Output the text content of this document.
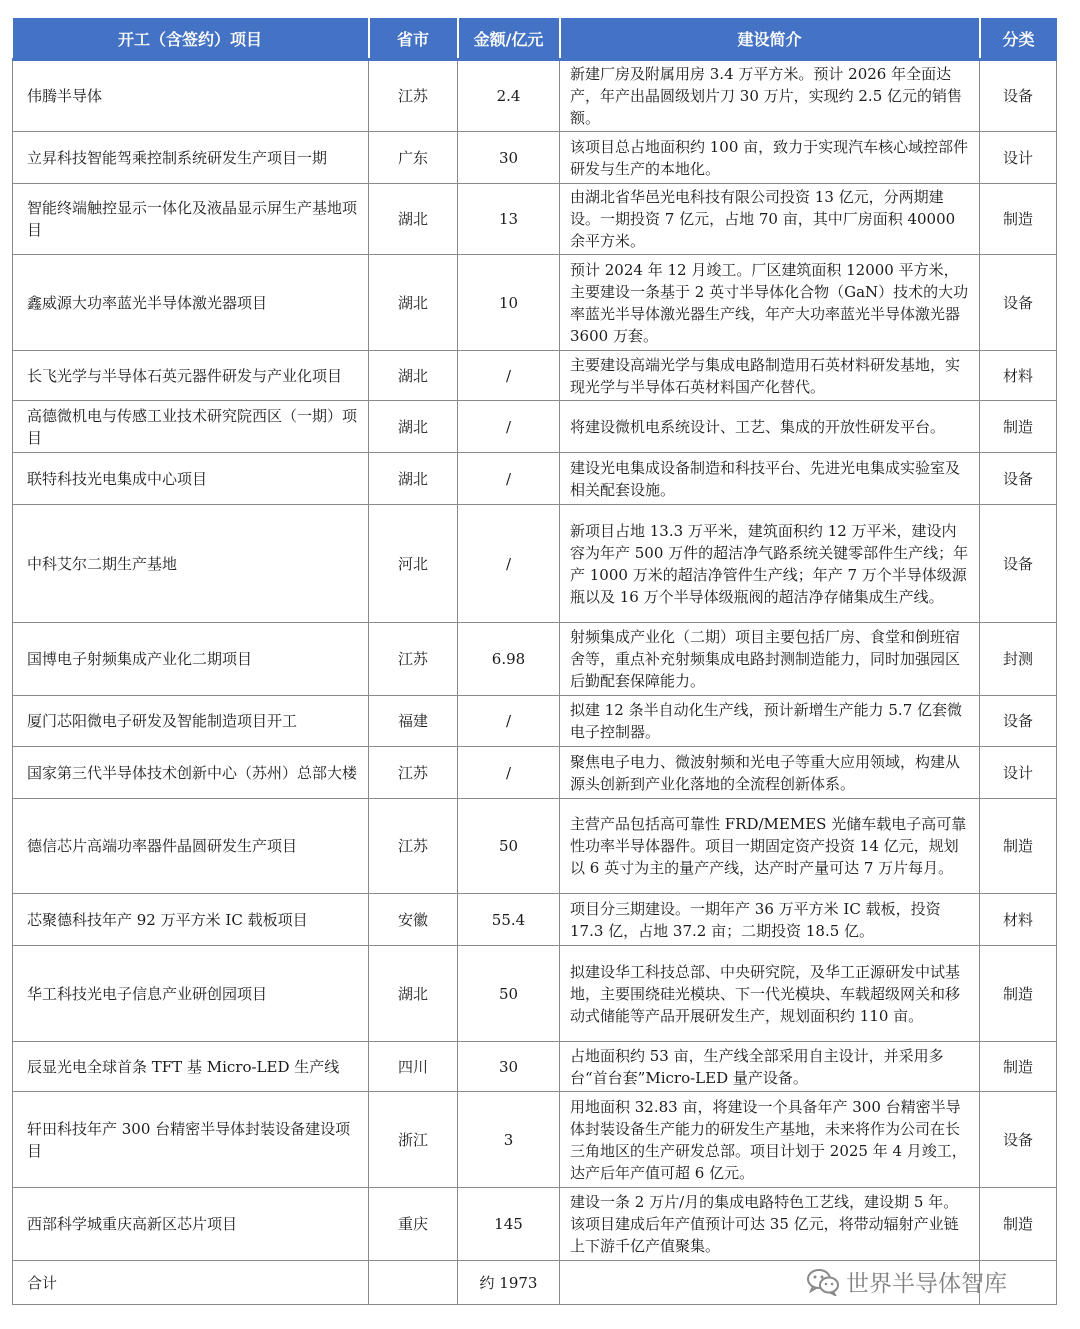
开工（含签约）项目	省市	金额/亿元	建设简介	分类
伟腾半导体	江苏	2.4	新建厂房及附属用房 3.4 万平方米。预计 2026 年全面达产，年产出晶圆级划片刀 30 万片，实现约 2.5 亿元的销售额。	设备
立昇科技智能驾乘控制系统研发生产项目一期	广东	30	该项目总占地面积约 100 亩，致力于实现汽车核心域控部件研发与生产的本地化。	设计
智能终端触控显示一体化及液晶显示屏生产基地项目	湖北	13	由湖北省华邑光电科技有限公司投资 13 亿元，分两期建设。一期投资 7 亿元，占地 70 亩，其中厂房面积 40000 余平方米。	制造
鑫威源大功率蓝光半导体激光器项目	湖北	10	预计 2024 年 12 月竣工。厂区建筑面积 12000 平方米，主要建设一条基于 2 英寸半导体化合物（GaN）技术的大功率蓝光半导体激光器生产线，年产大功率蓝光半导体激光器 3600 万套。	设备
长飞光学与半导体石英元器件研发与产业化项目	湖北	/	主要建设高端光学与集成电路制造用石英材料研发基地，实现光学与半导体石英材料国产化替代。	材料
高德微机电与传感工业技术研究院西区（一期）项目	湖北	/	将建设微机电系统设计、工艺、集成的开放性研发平台。	制造
联特科技光电集成中心项目	湖北	/	建设光电集成设备制造和科技平台、先进光电集成实验室及相关配套设施。	设备
中科艾尔二期生产基地	河北	/	新项目占地 13.3 万平米，建筑面积约 12 万平米，建设内容为年产 500 万件的超洁净气路系统关键零部件生产线；年产 1000 万米的超洁净管件生产线；年产 7 万个半导体级源瓶以及 16 万个半导体级瓶阀的超洁净存储集成生产线。	设备
国博电子射频集成产业化二期项目	江苏	6.98	射频集成产业化（二期）项目主要包括厂房、食堂和倒班宿舍等，重点补充射频集成电路封测制造能力，同时加强园区后勤配套保障能力。	封测
厦门芯阳微电子研发及智能制造项目开工	福建	/	拟建 12 条半自动化生产线，预计新增生产能力 5.7 亿套微电子控制器。	设备
国家第三代半导体技术创新中心（苏州）总部大楼	江苏	/	聚焦电子电力、微波射频和光电子等重大应用领域，构建从源头创新到产业化落地的全流程创新体系。	设计
德信芯片高端功率器件晶圆研发生产项目	江苏	50	主营产品包括高可靠性 FRD/MEMES 光储车载电子高可靠性功率半导体器件。项目一期固定资产投资 14 亿元，规划以 6 英寸为主的量产产线，达产时产量可达 7 万片每月。	制造
芯聚德科技年产 92 万平方米 IC 载板项目	安徽	55.4	项目分三期建设。一期年产 36 万平方米 IC 载板，投资 17.3 亿，占地 37.2 亩；二期投资 18.5 亿。	材料
华工科技光电子信息产业研创园项目	湖北	50	拟建设华工科技总部、中央研究院，及华工正源研发中试基地，主要围绕硅光模块、下一代光模块、车载超级网关和移动式储能等产品开展研发生产，规划面积约 110 亩。	制造
辰显光电全球首条 TFT 基 Micro-LED 生产线	四川	30	占地面积约 53 亩，生产线全部采用自主设计，并采用多台“首台套”Micro-LED 量产设备。	制造
轩田科技年产 300 台精密半导体封装设备建设项目	浙江	3	用地面积 32.83 亩，将建设一个具备年产 300 台精密半导体封装设备生产能力的研发生产基地，未来将作为公司在长三角地区的生产研发总部。项目计划于 2025 年 4 月竣工，达产后年产值可超 6 亿元。	设备
西部科学城重庆高新区芯片项目	重庆	145	建设一条 2 万片/月的集成电路特色工艺线，建设期 5 年。该项目建成后年产值预计可达 35 亿元，将带动辐射产业链上下游千亿产值聚集。	制造
合计		约 1973			世界半导体智库
